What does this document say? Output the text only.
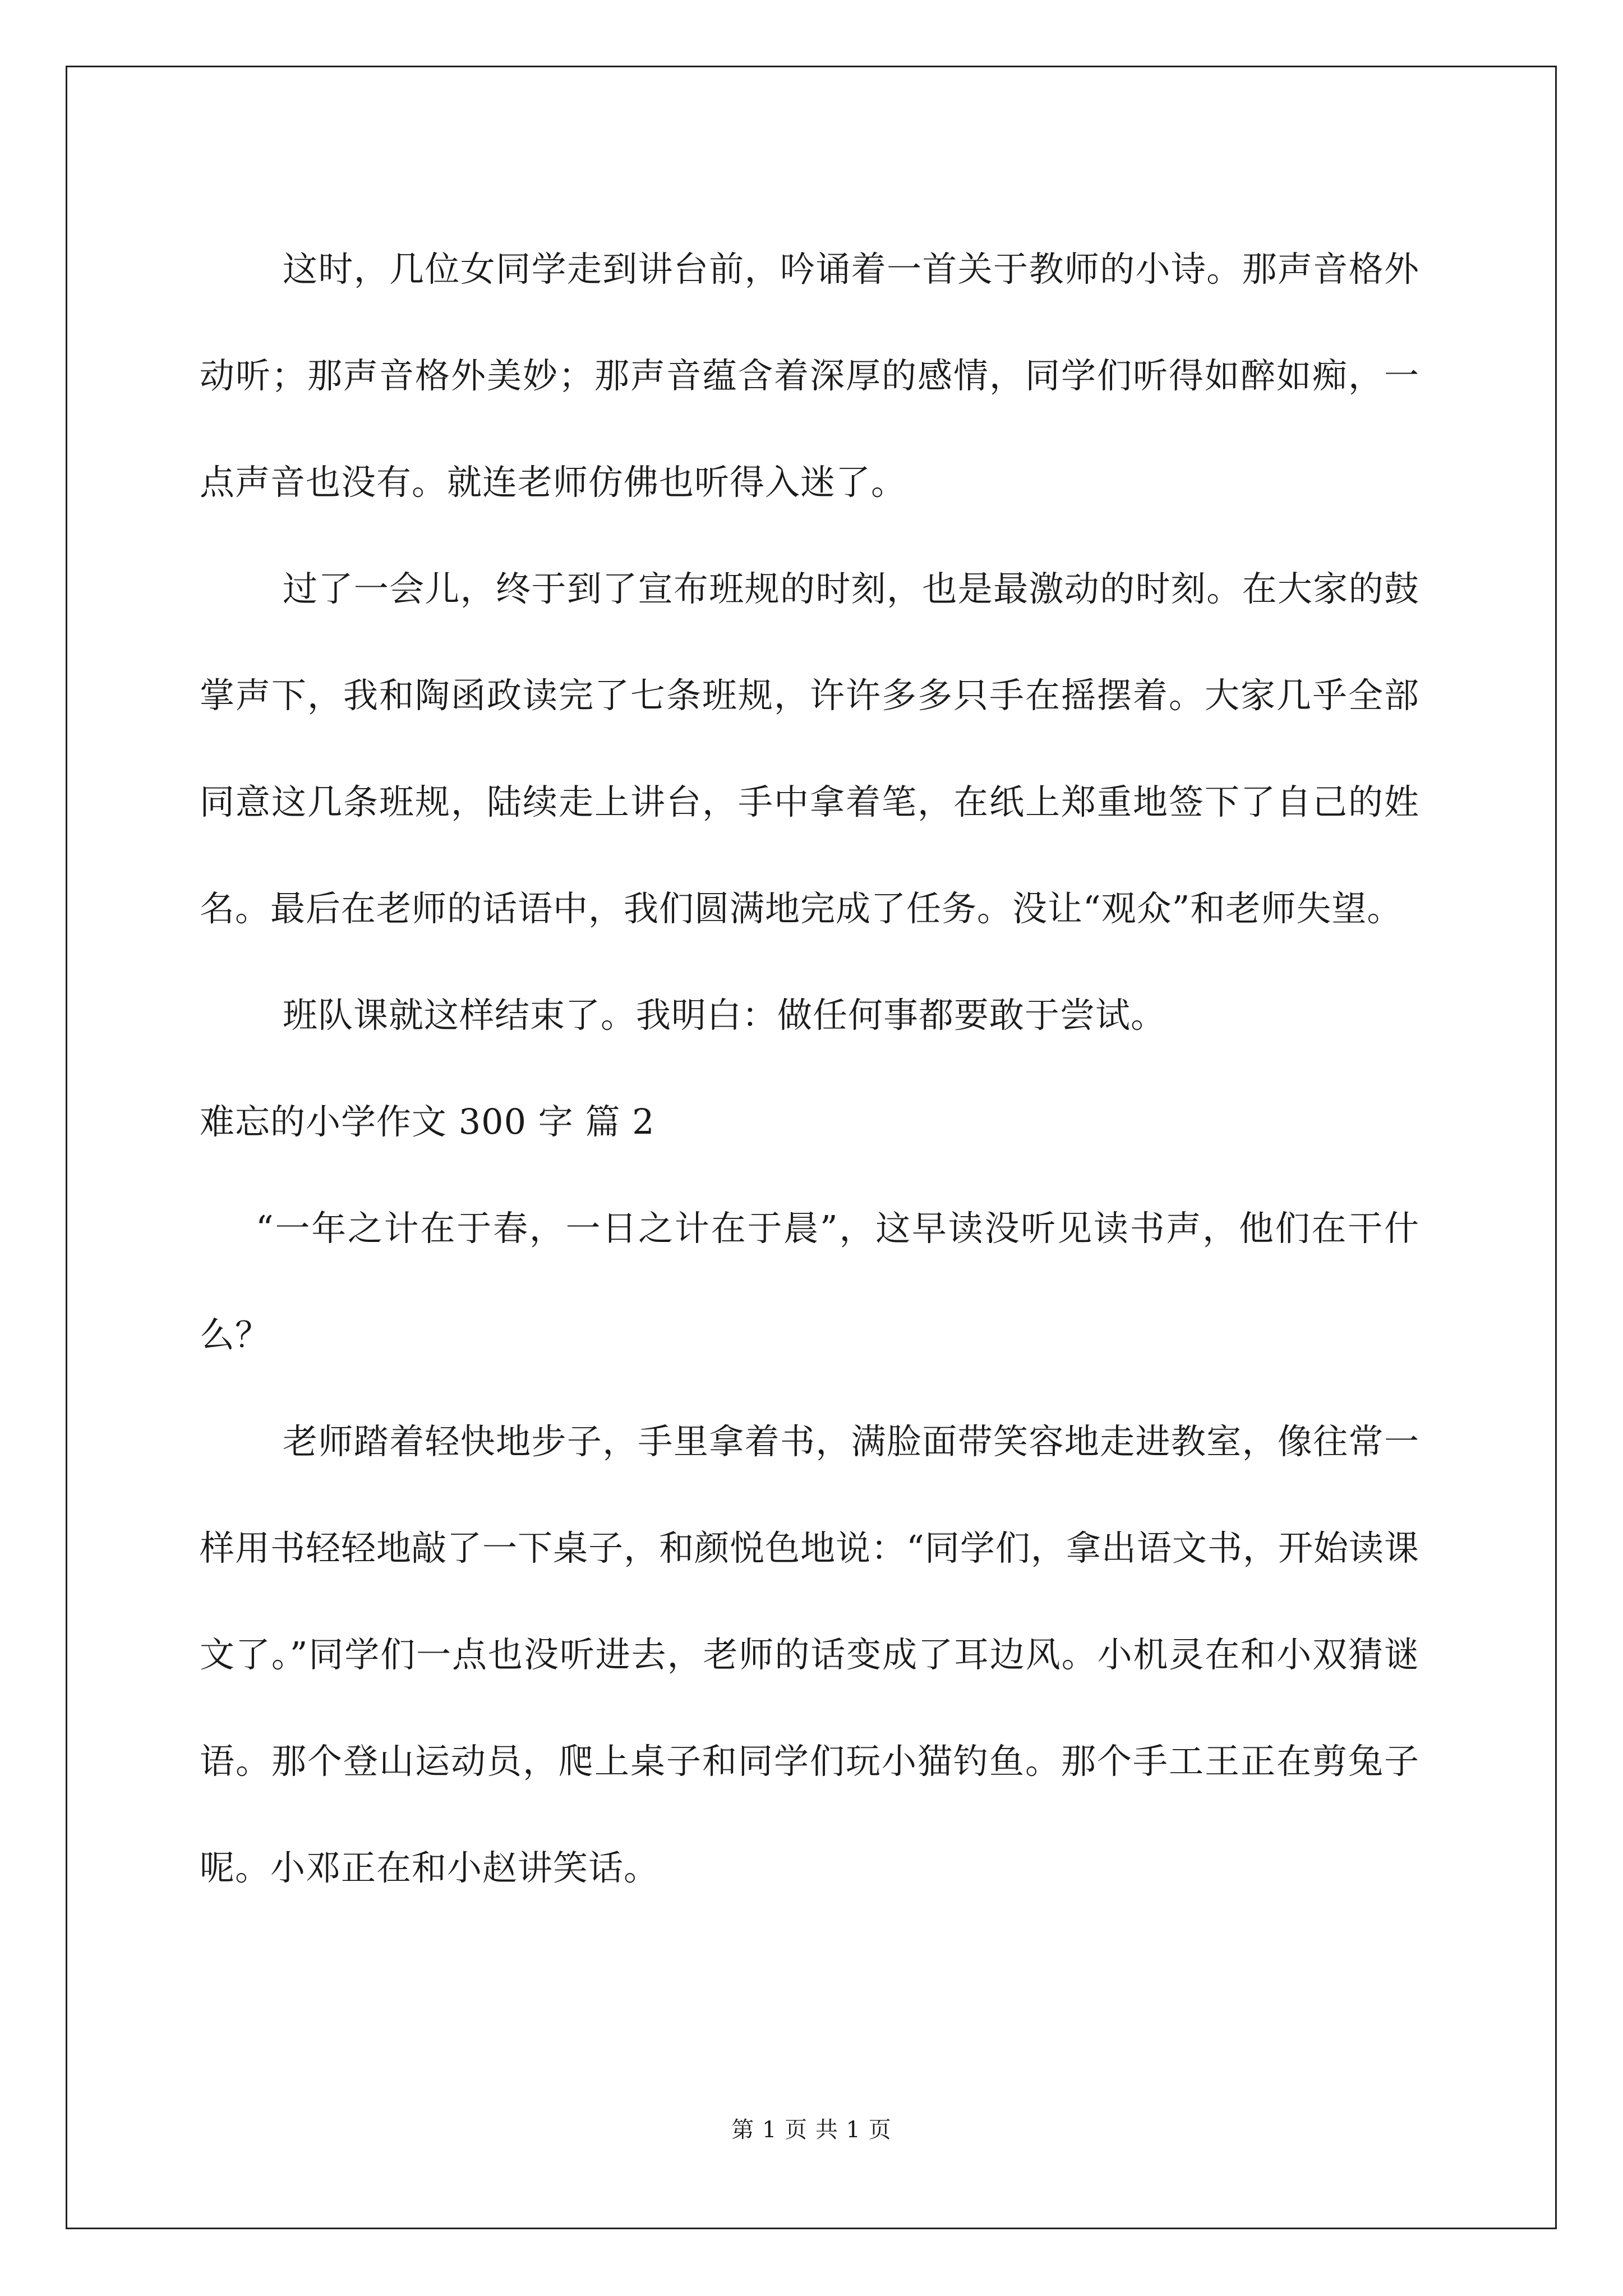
这时，几位女同学走到讲台前，吟诵着一首关于教师的小诗。那声音格外动听；那声音格外美妙；那声音蕴含着深厚的感情，同学们听得如醉如痴，一点声音也没有。就连老师仿佛也听得入迷了。

过了一会儿，终于到了宣布班规的时刻，也是最激动的时刻。在大家的鼓掌声下，我和陶函政读完了七条班规，许许多多只手在摇摆着。大家几乎全部同意这几条班规，陆续走上讲台，手中拿着笔，在纸上郑重地签下了自己的姓名。最后在老师的话语中，我们圆满地完成了任务。没让“观众”和老师失望。

班队课就这样结束了。我明白：做任何事都要敢于尝试。

难忘的小学作文 300 字 篇 2

“一年之计在于春，一日之计在于晨”，这早读没听见读书声，他们在干什么？

老师踏着轻快地步子，手里拿着书，满脸面带笑容地走进教室，像往常一样用书轻轻地敲了一下桌子，和颜悦色地说：“同学们，拿出语文书，开始读课文了。”同学们一点也没听进去，老师的话变成了耳边风。小机灵在和小双猜谜语。那个登山运动员，爬上桌子和同学们玩小猫钓鱼。那个手工王正在剪兔子呢。小邓正在和小赵讲笑话。

第 1 页 共 1 页
